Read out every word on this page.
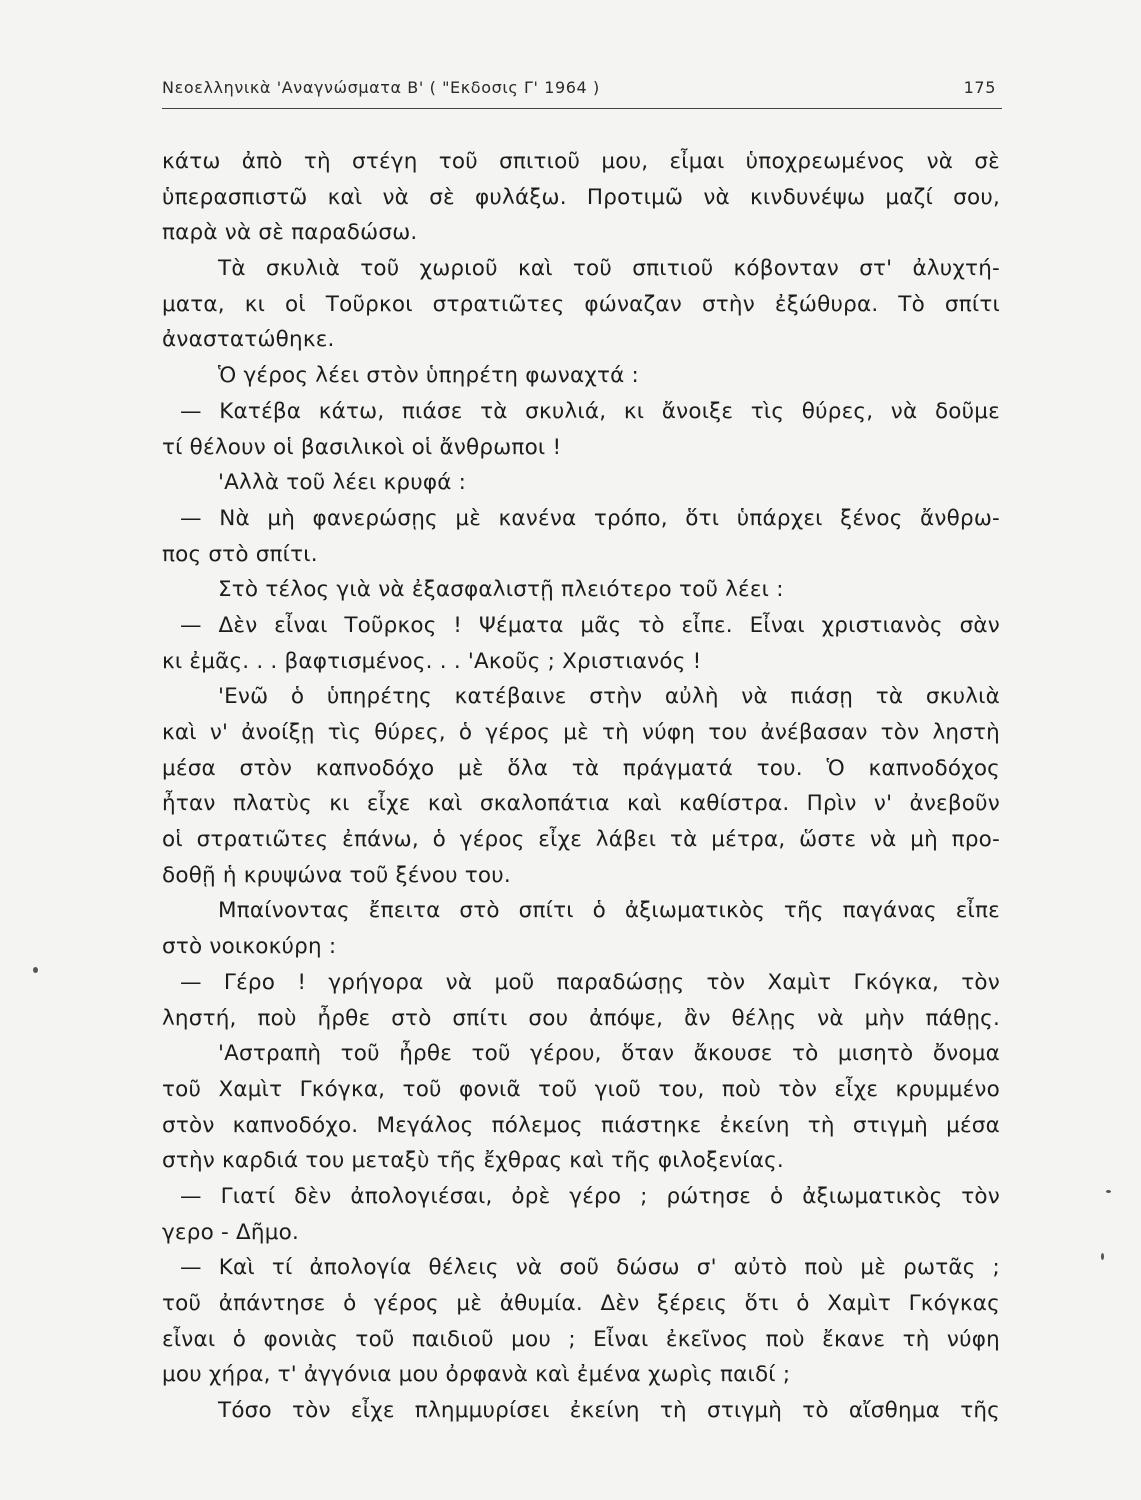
Νεοελληνικὰ 'Αναγνώσματα Β' ( "Εκδοσις Γ' 1964 )	175
κάτω ἀπὸ τὴ στέγη τοῦ σπιτιοῦ μου, εἶμαι ὑποχρεωμένος νὰ σὲ
ὑπερασπιστῶ καὶ νὰ σὲ φυλάξω. Προτιμῶ νὰ κινδυνέψω μαζί σου,
παρὰ νὰ σὲ παραδώσω.
Τὰ σκυλιὰ τοῦ χωριοῦ καὶ τοῦ σπιτιοῦ κόβονταν στ' ἀλυχτή-
ματα, κι οἱ Τοῦρκοι στρατιῶτες φώναζαν στὴν ἐξώθυρα. Τὸ σπίτι
ἀναστατώθηκε.
Ὁ γέρος λέει στὸν ὑπηρέτη φωναχτά :
— Κατέβα κάτω, πιάσε τὰ σκυλιά, κι ἄνοιξε τὶς θύρες, νὰ δοῦμε
τί θέλουν οἱ βασιλικοὶ οἱ ἄνθρωποι !
'Αλλὰ τοῦ λέει κρυφά :
— Νὰ μὴ φανερώσῃς μὲ κανένα τρόπο, ὅτι ὑπάρχει ξένος ἄνθρω-
πος στὸ σπίτι.
Στὸ τέλος γιὰ νὰ ἐξασφαλιστῇ πλειότερο τοῦ λέει :
— Δὲν εἶναι Τοῦρκος ! Ψέματα μᾶς τὸ εἶπε. Εἶναι χριστιανὸς σὰν
κι ἐμᾶς. . . βαφτισμένος. . . 'Ακοῦς ; Χριστιανός !
'Ενῶ ὁ ὑπηρέτης κατέβαινε στὴν αὐλὴ νὰ πιάσῃ τὰ σκυλιὰ
καὶ ν' ἀνοίξῃ τὶς θύρες, ὁ γέρος μὲ τὴ νύφη του ἀνέβασαν τὸν ληστὴ
μέσα στὸν καπνοδόχο μὲ ὅλα τὰ πράγματά του. Ὁ καπνοδόχος
ἦταν πλατὺς κι εἶχε καὶ σκαλοπάτια καὶ καθίστρα. Πρὶν ν' ἀνεβοῦν
οἱ στρατιῶτες ἐπάνω, ὁ γέρος εἶχε λάβει τὰ μέτρα, ὥστε νὰ μὴ προ-
δοθῇ ἡ κρυψώνα τοῦ ξένου του.
Μπαίνοντας ἔπειτα στὸ σπίτι ὁ ἀξιωματικὸς τῆς παγάνας εἶπε
στὸ νοικοκύρη :
— Γέρο ! γρήγορα νὰ μοῦ παραδώσῃς τὸν Χαμὶτ Γκόγκα, τὸν
ληστή, ποὺ ἦρθε στὸ σπίτι σου ἀπόψε, ἂν θέλῃς νὰ μὴν πάθῃς.
'Αστραπὴ τοῦ ἦρθε τοῦ γέρου, ὅταν ἄκουσε τὸ μισητὸ ὄνομα
τοῦ Χαμὶτ Γκόγκα, τοῦ φονιᾶ τοῦ γιοῦ του, ποὺ τὸν εἶχε κρυμμένο
στὸν καπνοδόχο. Μεγάλος πόλεμος πιάστηκε ἐκείνη τὴ στιγμὴ μέσα
στὴν καρδιά του μεταξὺ τῆς ἔχθρας καὶ τῆς φιλοξενίας.
— Γιατί δὲν ἀπολογιέσαι, ὀρὲ γέρο ; ρώτησε ὁ ἀξιωματικὸς τὸν
γερο - Δῆμο.
— Καὶ τί ἀπολογία θέλεις νὰ σοῦ δώσω σ' αὐτὸ ποὺ μὲ ρωτᾶς ;
τοῦ ἀπάντησε ὁ γέρος μὲ ἀθυμία. Δὲν ξέρεις ὅτι ὁ Χαμὶτ Γκόγκας
εἶναι ὁ φονιὰς τοῦ παιδιοῦ μου ; Εἶναι ἐκεῖνος ποὺ ἔκανε τὴ νύφη
μου χήρα, τ' ἀγγόνια μου ὀρφανὰ καὶ ἐμένα χωρὶς παιδί ;
Τόσο τὸν εἶχε πλημμυρίσει ἐκείνη τὴ στιγμὴ τὸ αἴσθημα τῆς
